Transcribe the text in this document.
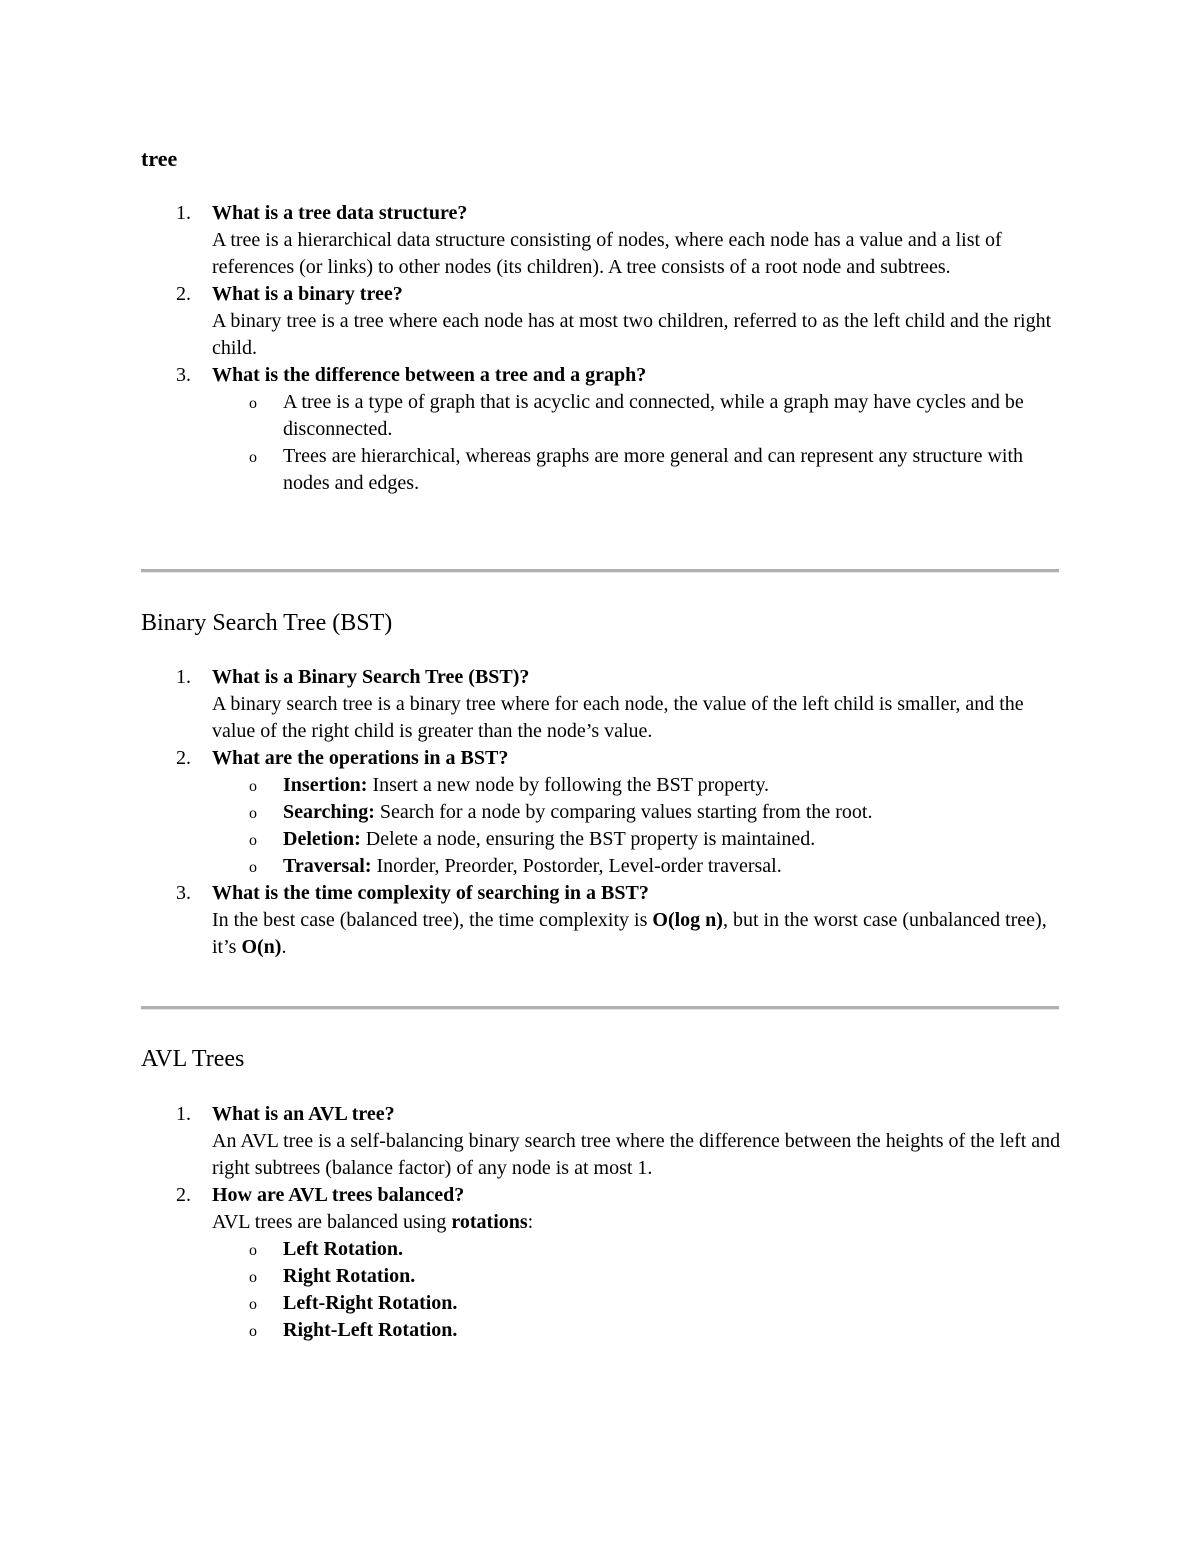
tree
1. What is a tree data structure?
A tree is a hierarchical data structure consisting of nodes, where each node has a value and a list of references (or links) to other nodes (its children). A tree consists of a root node and subtrees.
2. What is a binary tree?
A binary tree is a tree where each node has at most two children, referred to as the left child and the right child.
3. What is the difference between a tree and a graph?
o A tree is a type of graph that is acyclic and connected, while a graph may have cycles and be disconnected.
o Trees are hierarchical, whereas graphs are more general and can represent any structure with nodes and edges.
Binary Search Tree (BST)
1. What is a Binary Search Tree (BST)?
A binary search tree is a binary tree where for each node, the value of the left child is smaller, and the value of the right child is greater than the node’s value.
2. What are the operations in a BST?
o Insertion: Insert a new node by following the BST property.
o Searching: Search for a node by comparing values starting from the root.
o Deletion: Delete a node, ensuring the BST property is maintained.
o Traversal: Inorder, Preorder, Postorder, Level-order traversal.
3. What is the time complexity of searching in a BST?
In the best case (balanced tree), the time complexity is O(log n), but in the worst case (unbalanced tree), it’s O(n).
AVL Trees
1. What is an AVL tree?
An AVL tree is a self-balancing binary search tree where the difference between the heights of the left and right subtrees (balance factor) of any node is at most 1.
2. How are AVL trees balanced?
AVL trees are balanced using rotations:
o Left Rotation.
o Right Rotation.
o Left-Right Rotation.
o Right-Left Rotation.
